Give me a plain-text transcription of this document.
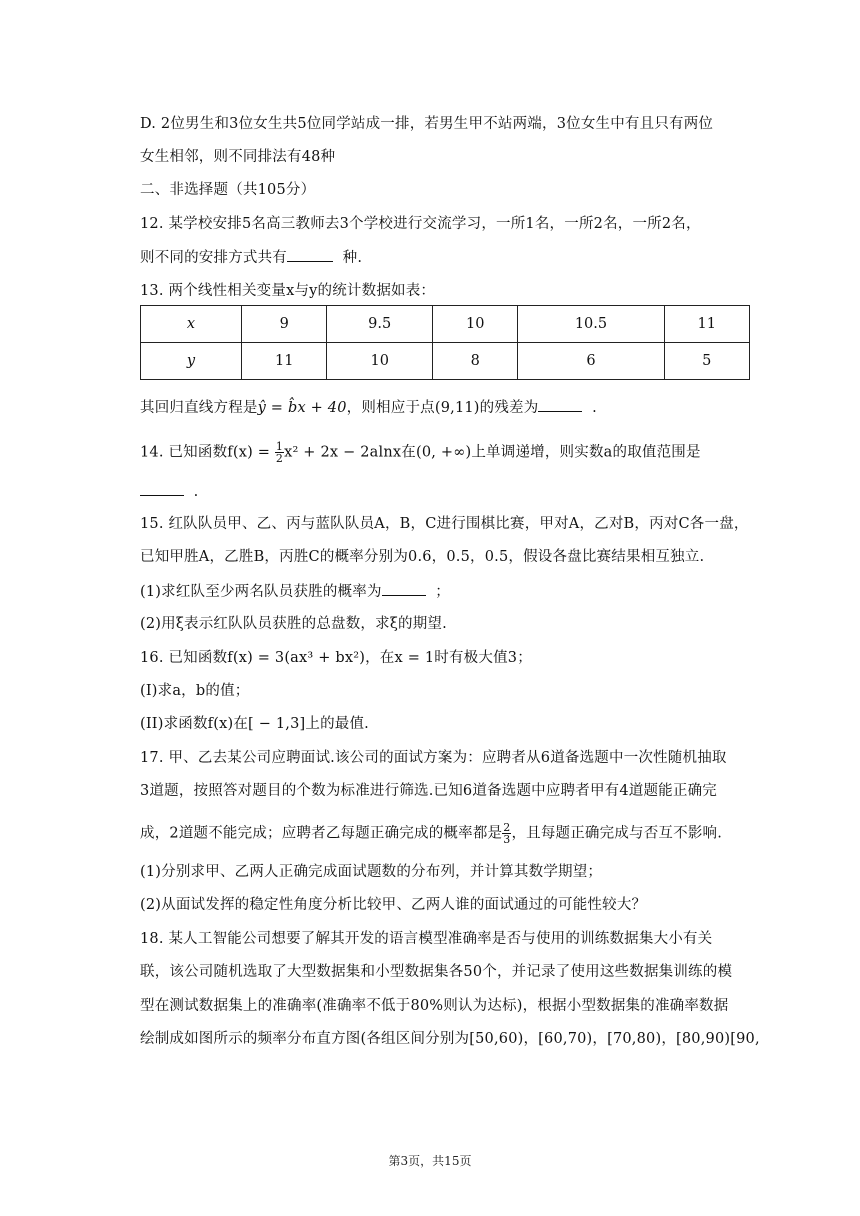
D. 2位男生和3位女生共5位同学站成一排，若男生甲不站两端，3位女生中有且只有两位
女生相邻，则不同排法有48种
二、非选择题（共105分）
12. 某学校安排5名高三教师去3个学校进行交流学习，一所1名，一所2名，一所2名，
则不同的安排方式共有	种.
13. 两个线性相关变量x与y的统计数据如表：
x	9	9.5	10	10.5	11
y	11	10	8	6	5
其回归直线方程是ŷ = b̂x + 40，则相应于点(9,11)的残差为	.
14. 已知函数$f(x) = \frac{1}{2} x^2 + 2x - 2alnx$在(0, +∞)上单调递增，则实数a的取值范围是
.
15. 红队队员甲、乙、丙与蓝队队员A，B，C进行围棋比赛，甲对A，乙对B，丙对C各一盘，
已知甲胜A，乙胜B，丙胜C的概率分别为0.6，0.5，0.5，假设各盘比赛结果相互独立.
(1)求红队至少两名队员获胜的概率为	；
(2)用ξ表示红队队员获胜的总盘数，求ξ的期望.
16. 已知函数f(x) = 3(ax³ + bx²)，在x = 1时有极大值3；
(I)求a，b的值；
(II)求函数f(x)在[ − 1,3]上的最值.
17. 甲、乙去某公司应聘面试.该公司的面试方案为：应聘者从6道备选题中一次性随机抽取
3道题，按照答对题目的个数为标准进行筛选.已知6道备选题中应聘者甲有4道题能正确完
成，2道题不能完成；应聘者乙每题正确完成的概率都是 $\frac{2}{3}$ ，且每题正确完成与否互不影响.
(1)分别求甲、乙两人正确完成面试题数的分布列，并计算其数学期望；
(2)从面试发挥的稳定性角度分析比较甲、乙两人谁的面试通过的可能性较大？
18. 某人工智能公司想要了解其开发的语言模型准确率是否与使用的训练数据集大小有关
联，该公司随机选取了大型数据集和小型数据集各50个，并记录了使用这些数据集训练的模
型在测试数据集上的准确率(准确率不低于80%则认为达标)，根据小型数据集的准确率数据
绘制成如图所示的频率分布直方图(各组区间分别为[50,60)，[60,70)，[70,80)，[80,90)[90,
第3页，共15页
